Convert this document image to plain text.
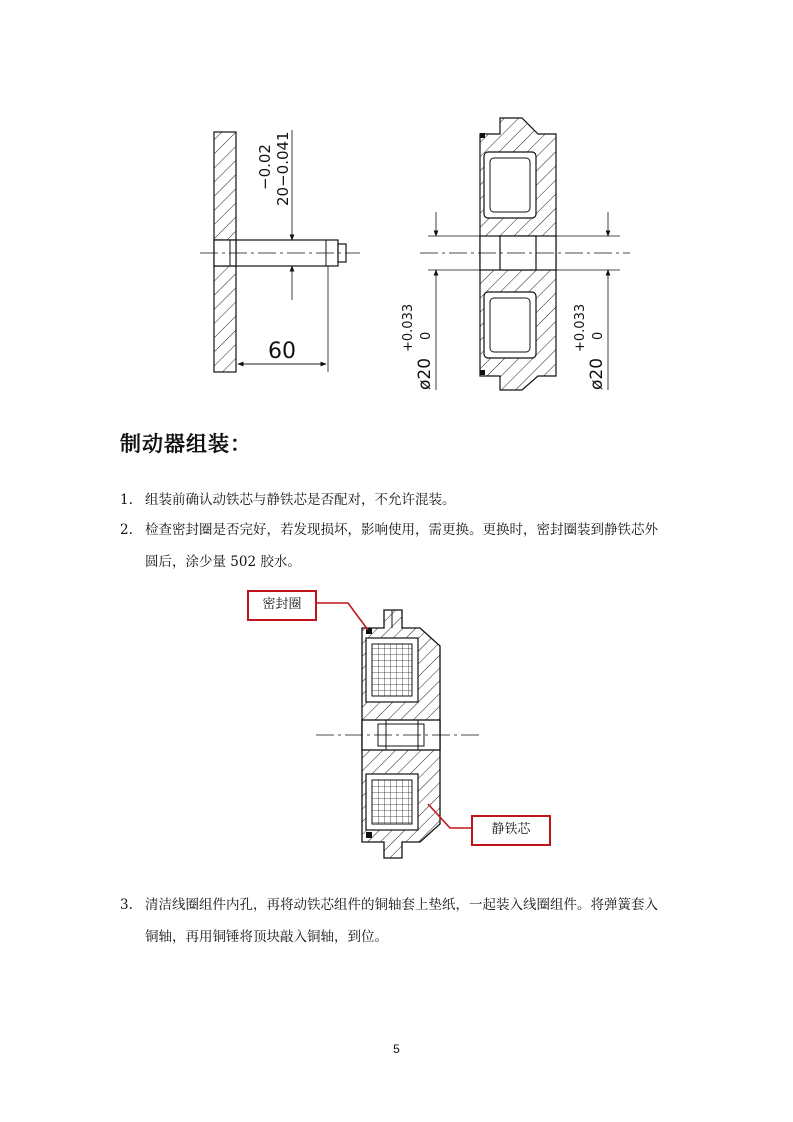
−0.02 20−0.041
60
ø20
+0.033 0
ø20
+0.033 0
制动器组装：
1. 组装前确认动铁芯与静铁芯是否配对，不允许混装。
2. 检查密封圈是否完好，若发现损坏，影响使用，需更换。更换时，密封圈装到静铁芯外
圆后，涂少量 502 胶水。
密封圈
静铁芯
3. 清洁线圈组件内孔，再将动铁芯组件的铜轴套上垫纸，一起装入线圈组件。将弹簧套入
铜轴，再用铜锤将顶块敲入铜轴，到位。
5
